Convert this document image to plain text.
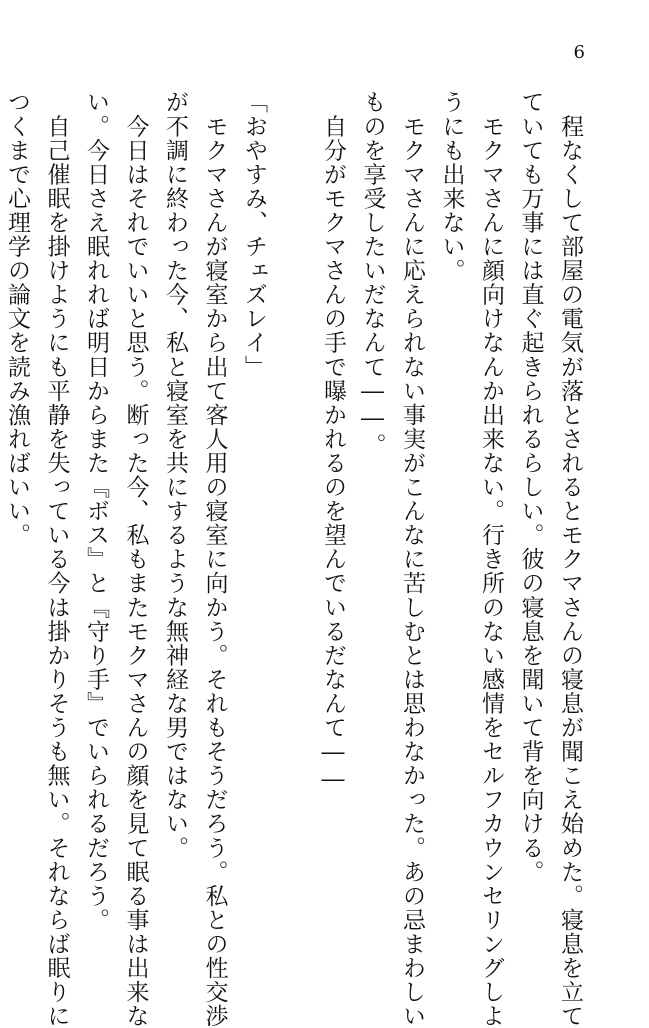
6
　程なくして部屋の電気が落とされるとモクマさんの寝息が聞こえ始めた。寝息を立て
ていても万事には直ぐ起きられるらしい。彼の寝息を聞いて背を向ける。
　モクマさんに顔向けなんか出来ない。行き所のない感情をセルフカウンセリングしよ
うにも出来ない。
　モクマさんに応えられない事実がこんなに苦しむとは思わなかった。あの忌まわしい
ものを享受したいだなんて――。
　自分がモクマさんの手で曝かれるのを望んでいるだなんて――
「おやすみ、チェズレイ」
　モクマさんが寝室から出て客人用の寝室に向かう。それもそうだろう。私との性交渉
が不調に終わった今、私と寝室を共にするような無神経な男ではない。
　今日はそれでいいと思う。断った今、私もまたモクマさんの顔を見て眠る事は出来な
い。今日さえ眠れれば明日からまた『ボス』と『守り手』でいられるだろう。
　自己催眠を掛けようにも平静を失っている今は掛かりそうも無い。それならば眠りに
つくまで心理学の論文を読み漁ればいい。
